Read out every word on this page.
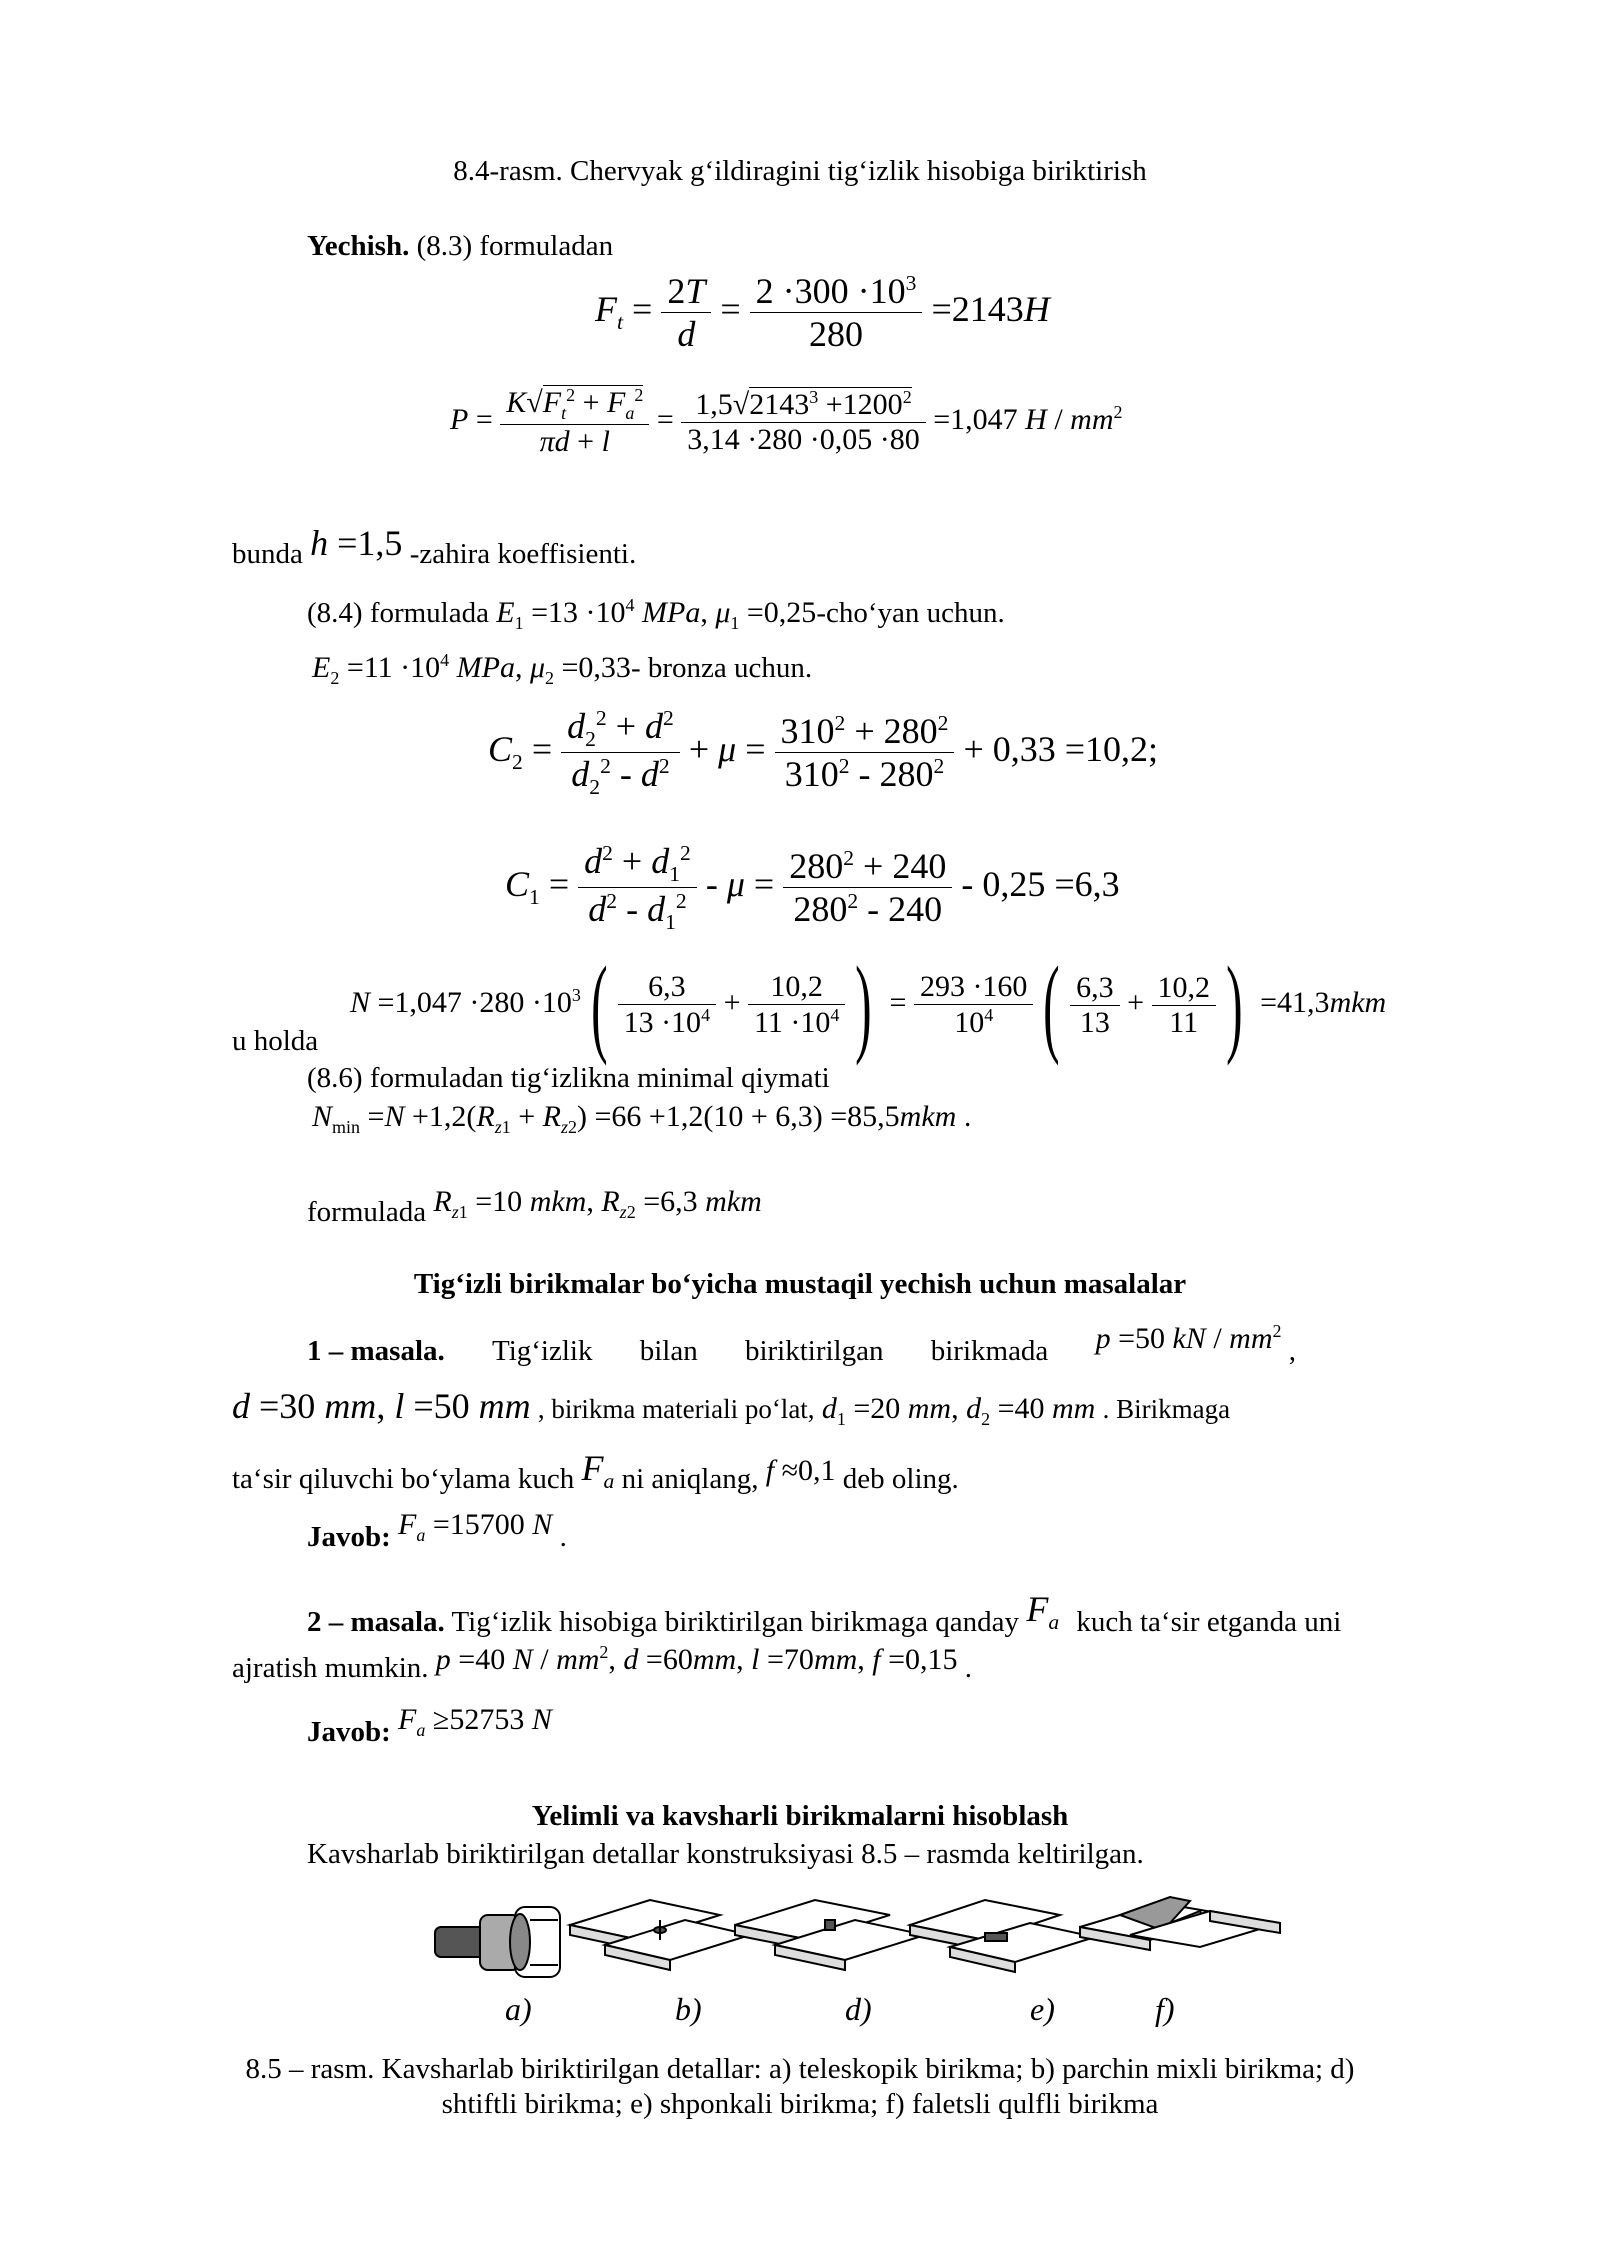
8.4-rasm. Chervyak g‘ildiragini tig‘izlik hisobiga biriktirish
Yechish. (8.3) formuladan
$F_t = \frac{2T}{d} = \frac{2 \cdot 300 \cdot 10^3}{280} =2143H$
$P = \frac{K√F_t^2 + F_a^2}{\pi d + l} = \frac{1,5√2143^3 +1200^2}{3,14 \cdot 280 \cdot 0,05 \cdot 80} =1,047$ H / $mm^2$
bunda h =1,5 -zahira koeffisienti.
(8.4) formulada $E_1 =13 \cdot 10^4$ MPa, $\mu_1$ =0,25-cho‘yan uchun.
$E_2 =11 \cdot 10^4$ MPa, $\mu_2 =0,33-$ bronza uchun.
$C_2 = \frac{d_2^2 + d^2}{d_2^2 - d^2} + \mu = \frac{310^2 + 280^2}{310^2 - 280^2} + 0,33 =10,2$;
$C_1 = \frac{d^2 + d_1^2}{d^2 - d_1^2} - \mu = \frac{280^2 + 240}{280^2 - 240} - 0,25 =6,3$
$N =1,047 \cdot 280 \cdot 10^3( \frac{6,3}{13 \cdot 10^4} + \frac{10,2}{11 \cdot 10^4}$ ) = $\frac{293 \cdot 160}{10^4}$ ( $\frac{6,3}{13} + \frac{10,2}{11}$ ) =41,3mkm
u holda
(8.6) formuladan tig‘izlikna minimal qiymati
$N_{min} =N +1,2(R_{z1} + R_{z2}) =66 +1,2(10 + 6,3) =85,5mkm$ .
formulada $R_{z1} =10$ mkm, $R_{z2} =6,3$ mkm
Tig‘izli birikmalar bo‘yicha mustaqil yechish uchun masalalar
1 – masala. Tig‘izlik bilan biriktirilgan birikmada p =50 kN / $mm^2$ ,
d =30 mm, l =50 mm , birikma materiali po‘lat, $d_1 =20$ mm, $d_2 =40$ mm . Birikmaga
ta‘sir qiluvchi bo‘ylama kuch $F_a$ ni aniqlang, f ≈0,1 deb oling.
Javob: $F_a =15700$ N .
2 – masala. Tig‘izlik hisobiga biriktirilgan birikmaga qanday $F_a$ kuch ta‘sir etganda uni
ajratish mumkin. p =40 N / $mm^2$, d =60mm, l =70mm, f =0,15 .
Javob: $F_a \ge 52753$ N
Yelimli va kavsharli birikmalarni hisoblash
Kavsharlab biriktirilgan detallar konstruksiyasi 8.5 – rasmda keltirilgan.
a)	b)	d)	e)	f)
8.5 – rasm. Kavsharlab biriktirilgan detallar: a) teleskopik birikma; b) parchin mixli birikma; d)
shtiftli birikma; e) shponkali birikma; f) faletsli qulfli birikma
